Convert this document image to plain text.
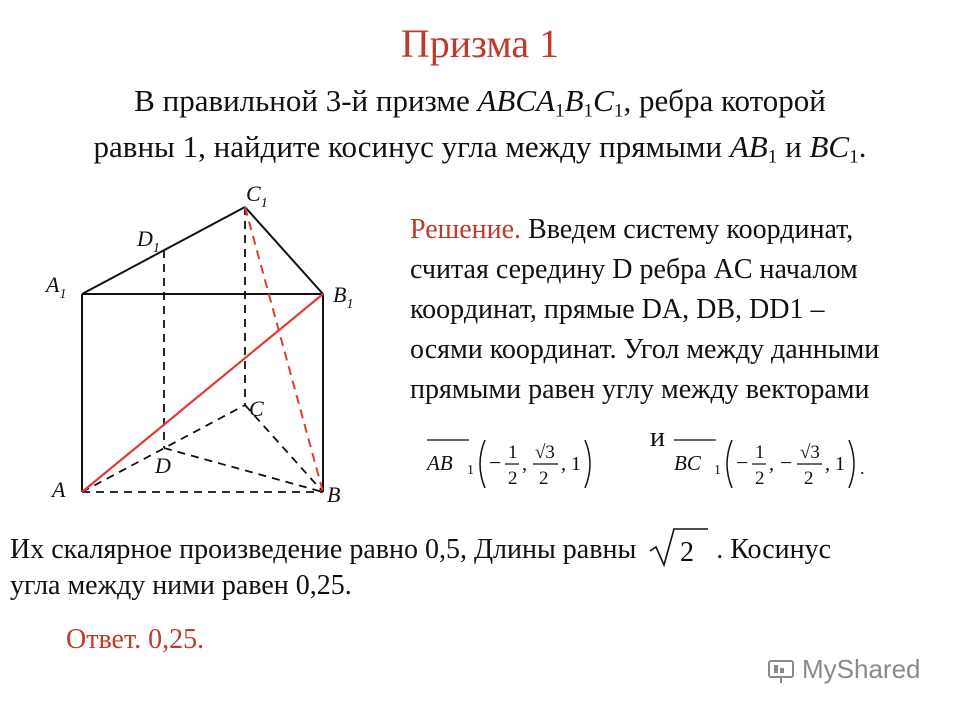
Призма 1
В правильной 3-й призме $ABCA_1B_1C_1$, ребра которой
равны 1, найдите косинус угла между прямыми $AB_1$ и $BC_1$.
$C_1$
$D_1$
$A_1$	$B_1$
C
D
A	B
Решение. Введем систему координат,
считая середину D ребра AC началом
координат, прямые DA, DB, DD1 –
осями координат. Угол между данными
прямыми равен углу между векторами
и
AB 1 − 1
2
,
√3
2
, 1	BC 1 − 1
2
, − √3
2
, 1 .
Их скалярное произведение равно 0,5, Длины равны 2 . Косинус
угла между ними равен 0,25.
Ответ. 0,25.
MyShared
